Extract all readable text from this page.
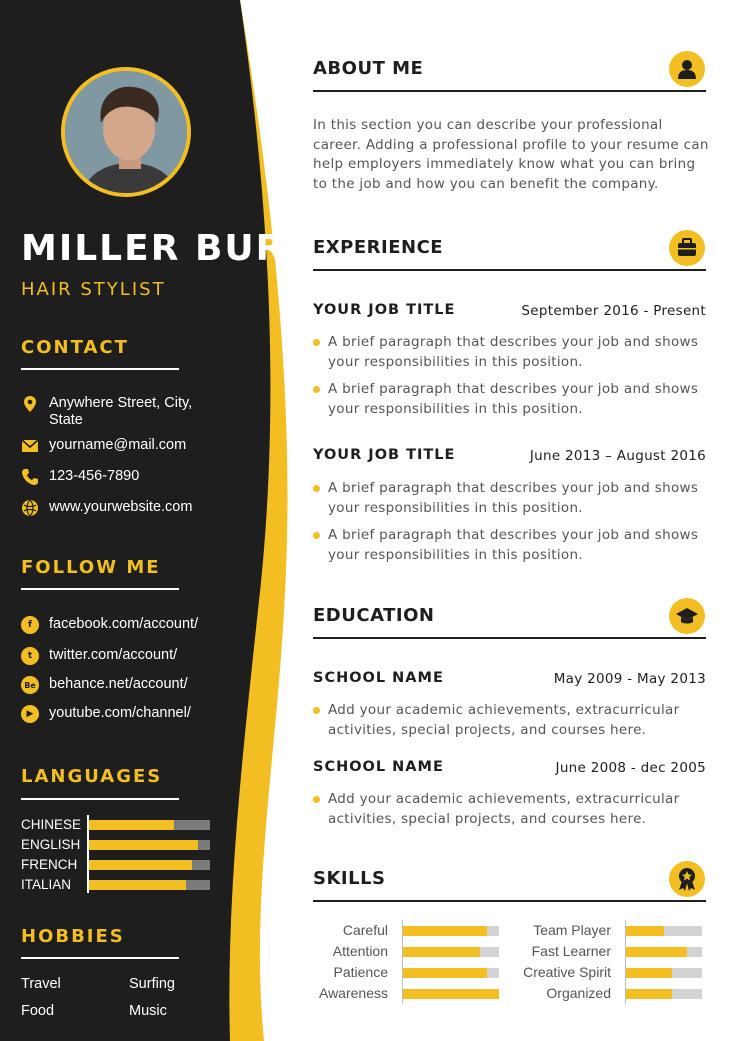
MILLER BURT
HAIR STYLIST
CONTACT
Anywhere Street, City, State
yourname@mail.com
123-456-7890
www.yourwebsite.com
FOLLOW ME
f	facebook.com/account/
t	twitter.com/account/
Be behance.net/account/
▶	youtube.com/channel/
LANGUAGES
CHINESE
ENGLISH
FRENCH
ITALIAN
HOBBIES
Travel	Surfing
Food	Music
ABOUT ME
In this section you can describe your professional career. Adding a professional profile to your resume can help employers immediately know what you can bring to the job and how you can benefit the company.
EXPERIENCE
YOUR JOB TITLE	September 2016 - Present
A brief paragraph that describes your job and shows your responsibilities in this position.
A brief paragraph that describes your job and shows your responsibilities in this position.
YOUR JOB TITLE	June 2013 – August 2016
A brief paragraph that describes your job and shows your responsibilities in this position.
A brief paragraph that describes your job and shows your responsibilities in this position.
EDUCATION
SCHOOL NAME	May 2009 - May 2013
Add your academic achievements, extracurricular activities, special projects, and courses here.
SCHOOL NAME	June 2008 - dec 2005
Add your academic achievements, extracurricular activities, special projects, and courses here.
SKILLS
Careful
Attention
Patience
Awareness
Team Player
Fast Learner
Creative Spirit
Organized
